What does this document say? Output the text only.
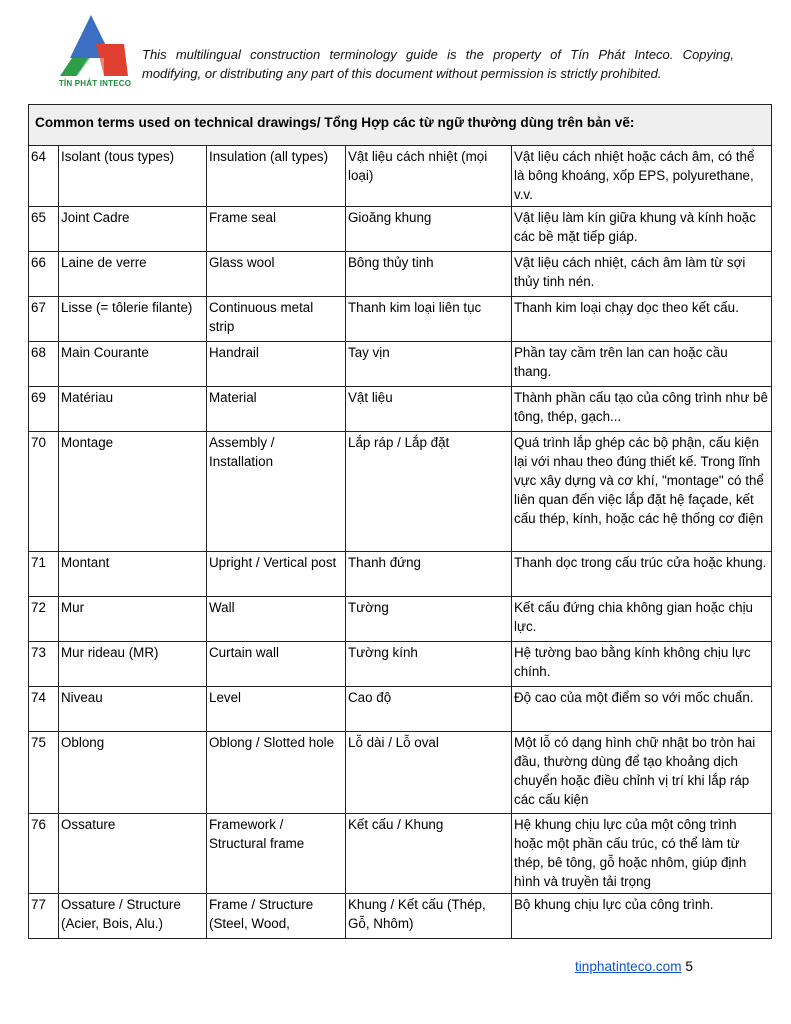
TÍN PHÁT INTECO
This multilingual construction terminology guide is the property of Tín Phát Inteco. Copying,
modifying, or distributing any part of this document without permission is strictly prohibited.
Common terms used on technical drawings/ Tổng Hợp các từ ngữ thường dùng trên bản vẽ:				
64	Isolant (tous types)	Insulation (all types)	Vật liệu cách nhiệt (mọi loại)	Vật liệu cách nhiệt hoặc cách âm, có thể là bông khoáng, xốp EPS, polyurethane, v.v.
65	Joint Cadre	Frame seal	Gioăng khung	Vật liệu làm kín giữa khung và kính hoặc các bề mặt tiếp giáp.
66	Laine de verre	Glass wool	Bông thủy tinh	Vật liệu cách nhiệt, cách âm làm từ sợi thủy tinh nén.
67	Lisse (= tôlerie filante)	Continuous metal strip	Thanh kim loại liên tục	Thanh kim loại chạy dọc theo kết cấu.
68	Main Courante	Handrail	Tay vịn	Phần tay cầm trên lan can hoặc cầu thang.
69	Matériau	Material	Vật liệu	Thành phần cấu tạo của công trình như bê tông, thép, gạch...
70	Montage	Assembly / Installation	Lắp ráp / Lắp đặt	Quá trình lắp ghép các bộ phận, cấu kiện lại với nhau theo đúng thiết kế. Trong lĩnh vực xây dựng và cơ khí, "montage" có thể liên quan đến việc lắp đặt hệ façade, kết cấu thép, kính, hoặc các hệ thống cơ điện
71	Montant	Upright / Vertical post	Thanh đứng	Thanh dọc trong cấu trúc cửa hoặc khung.
72	Mur	Wall	Tường	Kết cấu đứng chia không gian hoặc chịu lực.
73	Mur rideau (MR)	Curtain wall	Tường kính	Hệ tường bao bằng kính không chịu lực chính.
74	Niveau	Level	Cao độ	Độ cao của một điểm so với mốc chuẩn.
75	Oblong	Oblong / Slotted hole	Lỗ dài / Lỗ oval	Một lỗ có dạng hình chữ nhật bo tròn hai đầu, thường dùng để tạo khoảng dịch chuyển hoặc điều chỉnh vị trí khi lắp ráp các cấu kiện
76	Ossature	Framework / Structural frame	Kết cấu / Khung	Hệ khung chịu lực của một công trình hoặc một phần cấu trúc, có thể làm từ thép, bê tông, gỗ hoặc nhôm, giúp định hình và truyền tải trọng
77	Ossature / Structure (Acier, Bois, Alu.)	Frame / Structure (Steel, Wood,	Khung / Kết cấu (Thép, Gỗ, Nhôm)	Bộ khung chịu lực của công trình.
tinphatinteco.com 5
